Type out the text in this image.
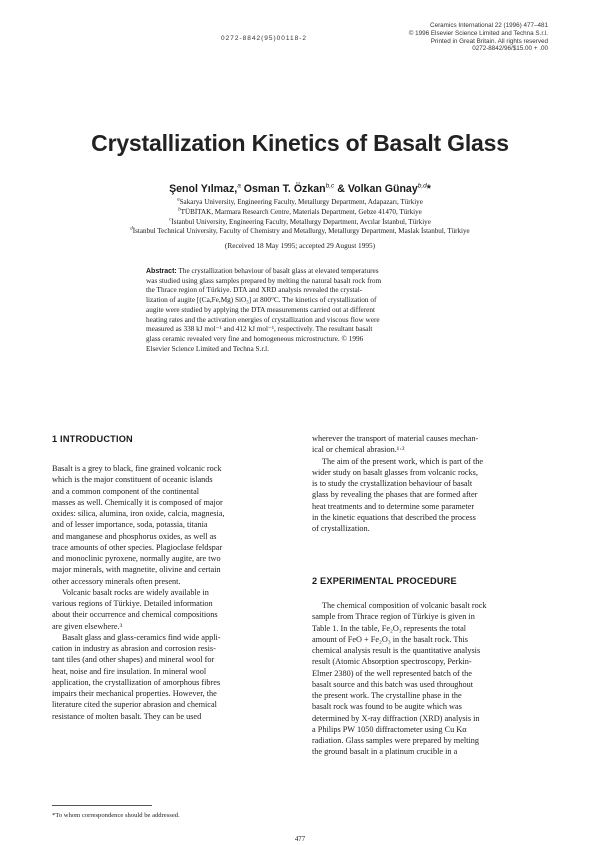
Ceramics International 22 (1996) 477–481
© 1996 Elsevier Science Limited and Techna S.r.l.
Printed in Great Britain. All rights reserved
0272-8842/96/$15.00 + .00
0272-8842(95)00118-2
Crystallization Kinetics of Basalt Glass
Şenol Yılmaz,$^a$ Osman T. Özkan$^{b,c}$ & Volkan Günay$^{b,d}$*
$^a$Sakarya University, Engineering Faculty, Metallurgy Department, Adapazarı, Türkiye
$^b$TÜBİTAK, Marmara Research Centre, Materials Department, Gebze 41470, Türkiye
$^c$İstanbul University, Engineering Faculty, Metallurgy Department, Avcılar İstanbul, Türkiye
$^d$İstanbul Technical University, Faculty of Chemistry and Metallurgy, Metallurgy Department, Maslak İstanbul, Türkiye
(Received 18 May 1995; accepted 29 August 1995)
Abstract: The crystallization behaviour of basalt glass at elevated temperatures
was studied using glass samples prepared by melting the natural basalt rock from
the Thrace region of Türkiye. DTA and XRD analysis revealed the crystal-
lization of augite [(Ca,Fe,Mg) SiO₃] at 800°C. The kinetics of crystallization of
augite were studied by applying the DTA measurements carried out at different
heating rates and the activation energies of crystallization and viscous flow were
measured as 338 kJ mol⁻¹ and 412 kJ mol⁻¹, respectively. The resultant basalt
glass ceramic revealed very fine and homogeneous microstructure. © 1996
Elsevier Science Limited and Techna S.r.l.
1 INTRODUCTION

Basalt is a grey to black, fine grained volcanic rock

which is the major constituent of oceanic islands

and a common component of the continental

masses as well. Chemically it is composed of major

oxides: silica, alumina, iron oxide, calcia, magnesia,

and of lesser importance, soda, potassia, titania

and manganese and phosphorus oxides, as well as

trace amounts of other species. Plagioclase feldspar

and monoclinic pyroxene, normally augite, are two

major minerals, with magnetite, olivine and certain

other accessory minerals often present.

Volcanic basalt rocks are widely available in

various regions of Türkiye. Detailed information

about their occurrence and chemical compositions

are given elsewhere.³

Basalt glass and glass-ceramics find wide appli-

cation in industry as abrasion and corrosion resis-

tant tiles (and other shapes) and mineral wool for

heat, noise and fire insulation. In mineral wool

application, the crystallization of amorphous fibres

impairs their mechanical properties. However, the

literature cited the superior abrasion and chemical

resistance of molten basalt. They can be used

wherever the transport of material causes mechan-

ical or chemical abrasion.¹·²

The aim of the present work, which is part of the

wider study on basalt glasses from volcanic rocks,

is to study the crystallization behaviour of basalt

glass by revealing the phases that are formed after

heat treatments and to determine some parameter

in the kinetic equations that described the process

of crystallization.

2 EXPERIMENTAL PROCEDURE

The chemical composition of volcanic basalt rock

sample from Thrace region of Türkiye is given in

Table 1. In the table, Fe₂O₃ represents the total

amount of FeO + Fe₂O₃ in the basalt rock. This

chemical analysis result is the quantitative analysis

result (Atomic Absorption spectroscopy, Perkin-

Elmer 2380) of the well represented batch of the

basalt source and this batch was used throughout

the present work. The crystalline phase in the

basalt rock was found to be augite which was

determined by X-ray diffraction (XRD) analysis in

a Philips PW 1050 diffractometer using Cu Kα

radiation. Glass samples were prepared by melting

the ground basalt in a platinum crucible in a

*To whom correspondence should be addressed.
477
